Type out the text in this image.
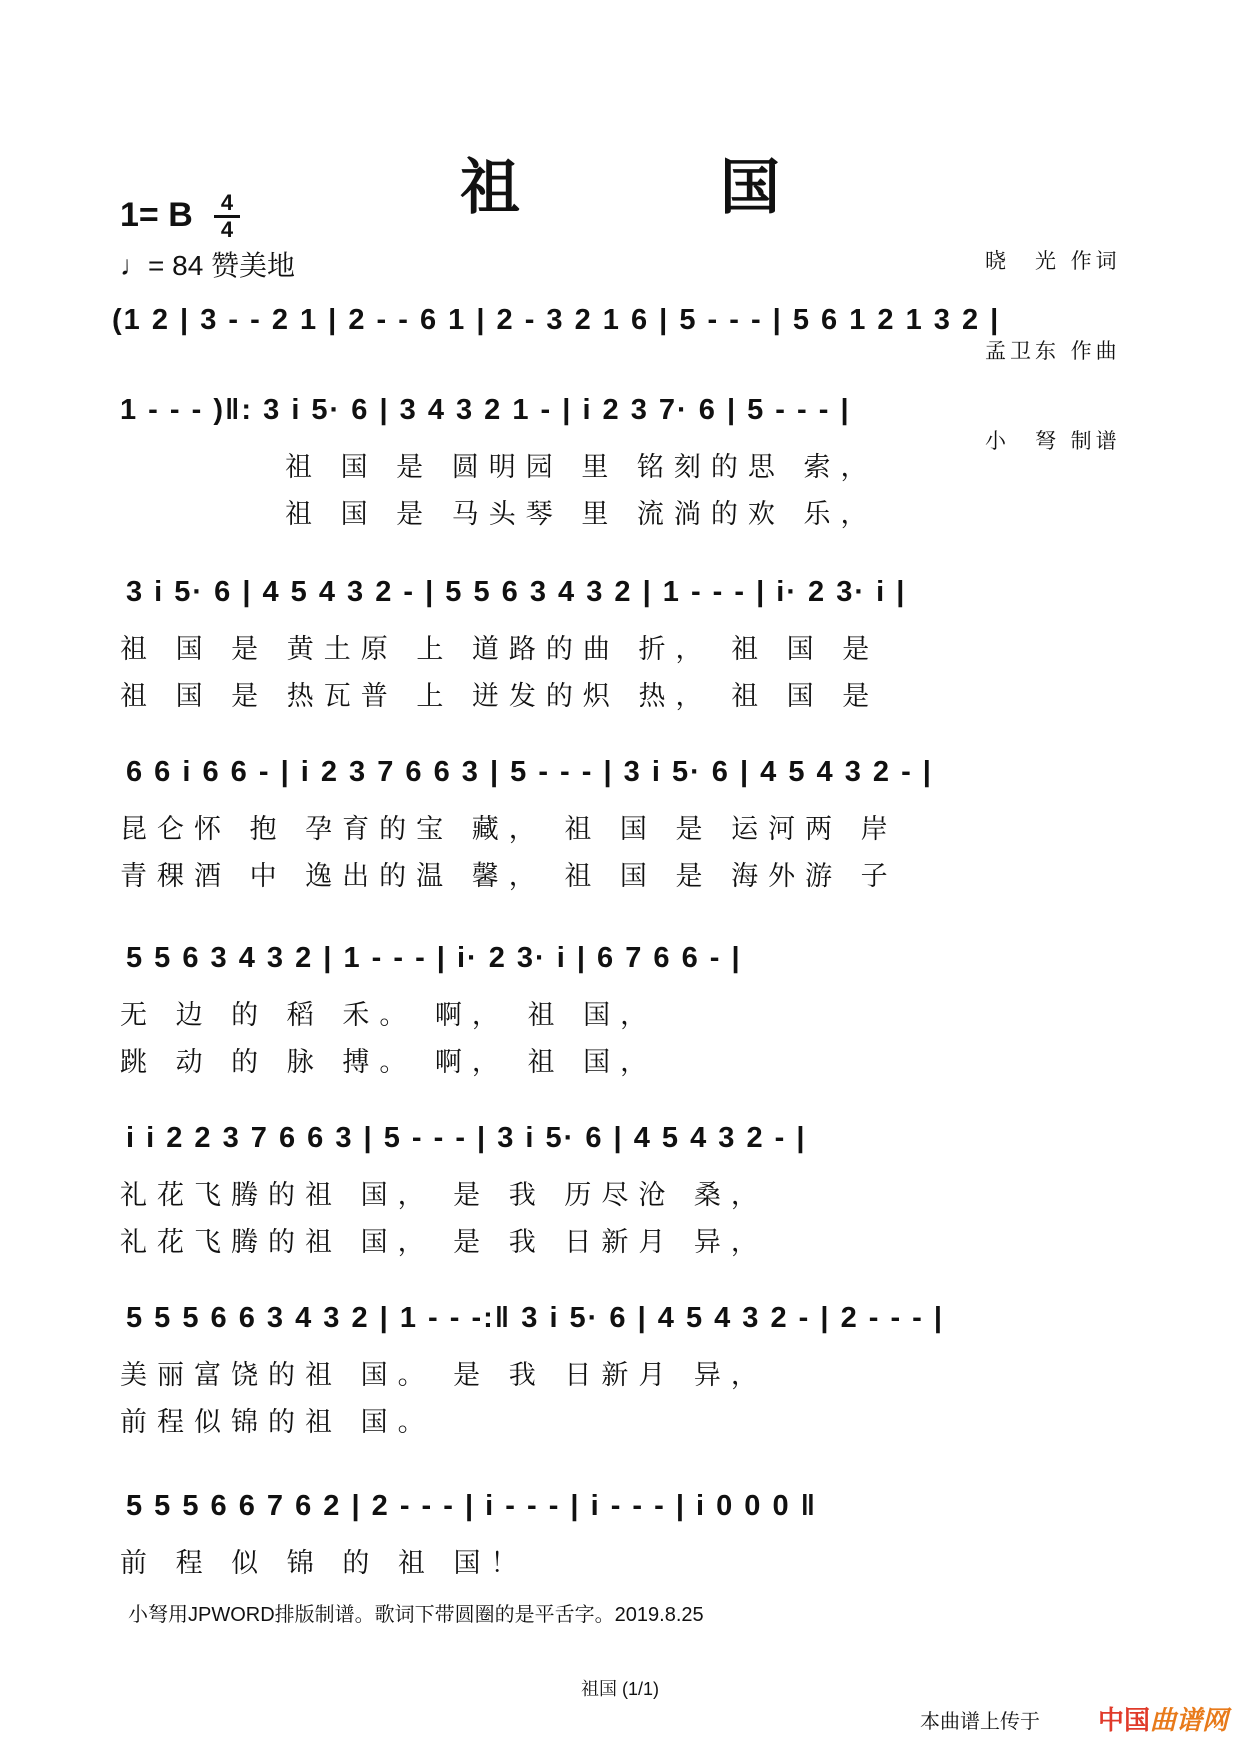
祖　国
1= B	4
4
♩= 84 赞美地

	晓　光 作词

孟卫东 作曲

小　弩 制谱

(1 2 | 3 - - 2 1 | 2 - - 6 1 | 2 - 3 2 1 6 | 5 - - - | 5 6 1 2 1 3 2 |
1 - - - )‖: 3 i 5· 6 | 3 4 3 2 1 - | i 2 3 7· 6 | 5 - - - |
祖 国 是 圆明园 里 铭刻的思 索，
祖 国 是 马头琴 里 流淌的欢 乐，
3 i 5· 6 | 4 5 4 3 2 - | 5 5 6 3 4 3 2 | 1 - - - | i· 2 3· i |
祖 国 是 黄土原 上 道路的曲 折， 祖 国 是
祖 国 是 热瓦普 上 迸发的炽 热， 祖 国 是
6 6 i 6 6 - | i 2 3 7 6 6 3 | 5 - - - | 3 i 5· 6 | 4 5 4 3 2 - |
昆仑怀 抱 孕育的宝 藏， 祖 国 是 运河两 岸
青稞酒 中 逸出的温 馨， 祖 国 是 海外游 子
5 5 6 3 4 3 2 | 1 - - - | i· 2 3· i | 6 7 6 6 - |
无 边 的 稻 禾。 啊， 祖 国，
跳 动 的 脉 搏。 啊， 祖 国，
i i 2 2 3 7 6 6 3 | 5 - - - | 3 i 5· 6 | 4 5 4 3 2 - |
礼花飞腾的祖 国， 是 我 历尽沧 桑，
礼花飞腾的祖 国， 是 我 日新月 异，
5 5 5 6 6 3 4 3 2 | 1 - - -:‖ 3 i 5· 6 | 4 5 4 3 2 - | 2 - - - |
美丽富饶的祖 国。 是 我 日新月 异，
前程似锦的祖 国。
5 5 5 6 6 7 6 2 | 2 - - - | i - - - | i - - - | i 0 0 0 ‖
前 程 似 锦 的 祖 国！
小弩用JPWORD排版制谱。歌词下带圆圈的是平舌字。2019.8.25
祖国 (1/1)
本曲谱上传于 中国曲谱网
